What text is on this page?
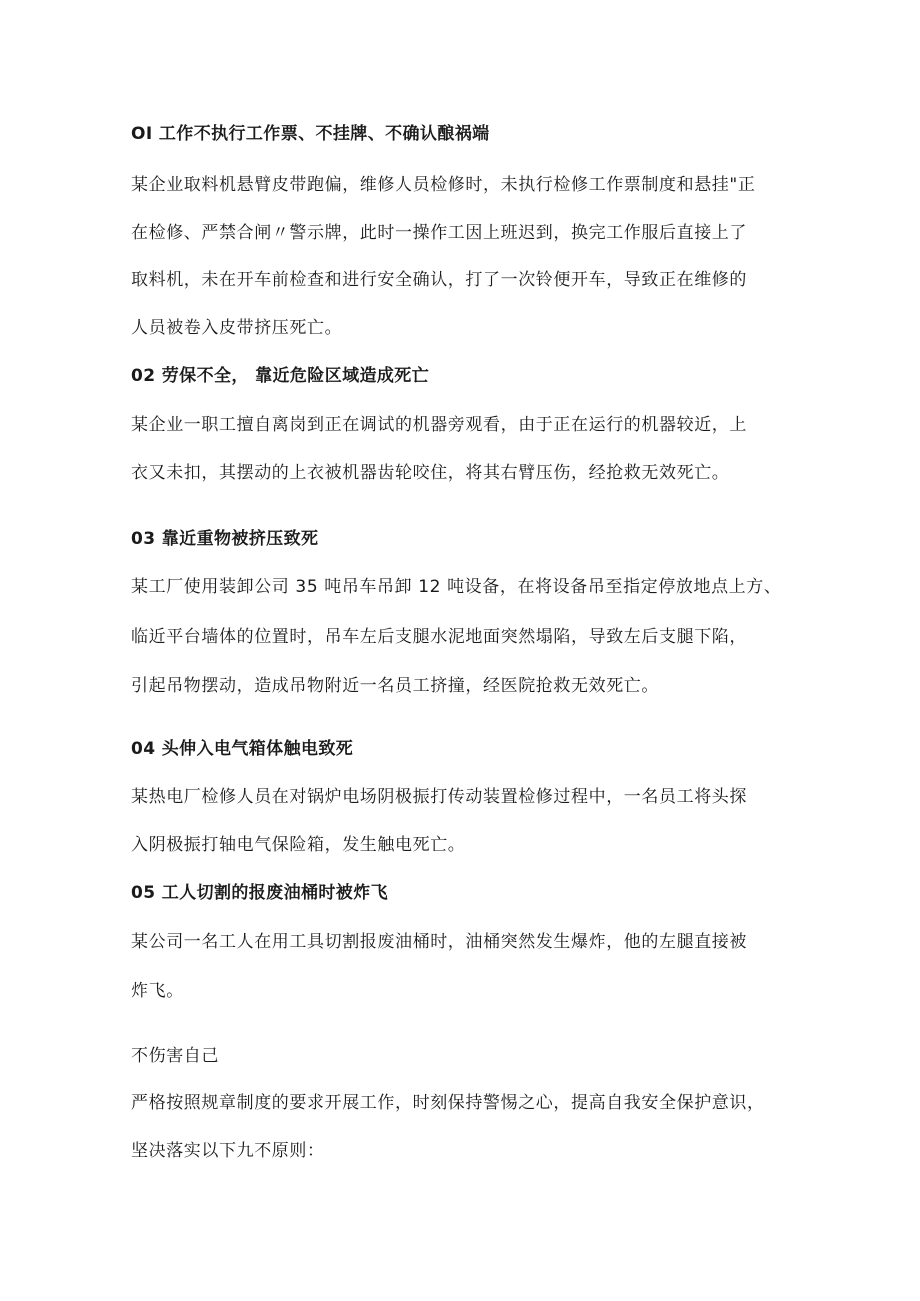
OI 工作不执行工作票、不挂牌、不确认酿祸端
某企业取料机悬臂皮带跑偏，维修人员检修时，未执行检修工作票制度和悬挂"正
在检修、严禁合闸〃警示牌，此时一操作工因上班迟到，换完工作服后直接上了
取料机，未在开车前检查和进行安全确认，打了一次铃便开车，导致正在维修的
人员被卷入皮带挤压死亡。
02 劳保不全， 靠近危险区域造成死亡
某企业一职工擅自离岗到正在调试的机器旁观看，由于正在运行的机器较近，上
衣又未扣，其摆动的上衣被机器齿轮咬住，将其右臂压伤，经抢救无效死亡。
03 靠近重物被挤压致死
某工厂使用装卸公司 35 吨吊车吊卸 12 吨设备，在将设备吊至指定停放地点上方、
临近平台墙体的位置时，吊车左后支腿水泥地面突然塌陷，导致左后支腿下陷，
引起吊物摆动，造成吊物附近一名员工挤撞，经医院抢救无效死亡。
04 头伸入电气箱体触电致死
某热电厂检修人员在对锅炉电场阴极振打传动装置检修过程中，一名员工将头探
入阴极振打轴电气保险箱，发生触电死亡。
05 工人切割的报废油桶时被炸飞
某公司一名工人在用工具切割报废油桶时，油桶突然发生爆炸，他的左腿直接被
炸飞。
不伤害自己
严格按照规章制度的要求开展工作，时刻保持警惕之心，提高自我安全保护意识，
坚决落实以下九不原则：
